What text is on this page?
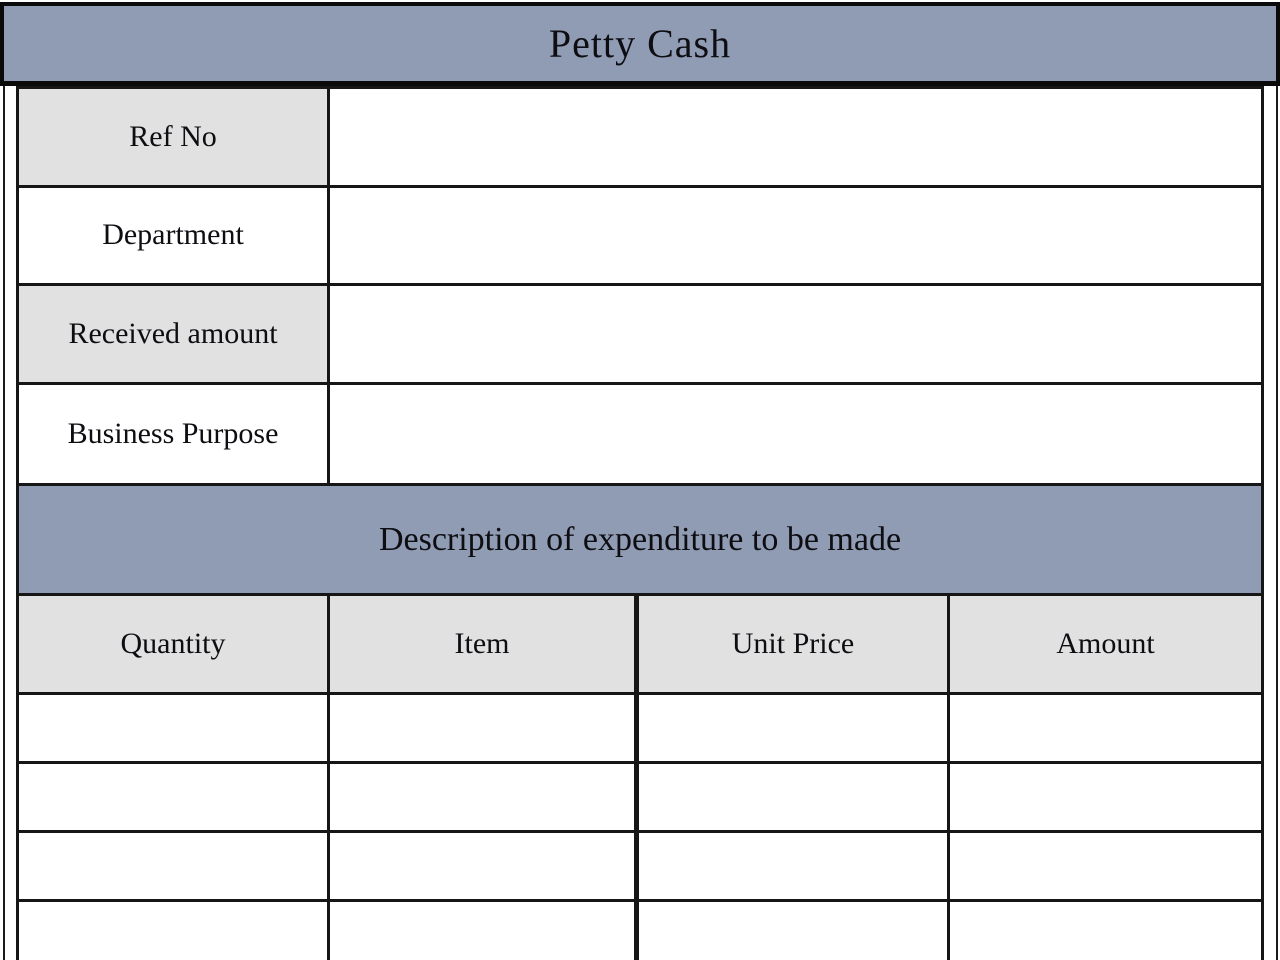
Petty Cash
Ref No
Department
Received amount
Business Purpose
Description of expenditure to be made
Quantity	Item	Unit Price	Amount
